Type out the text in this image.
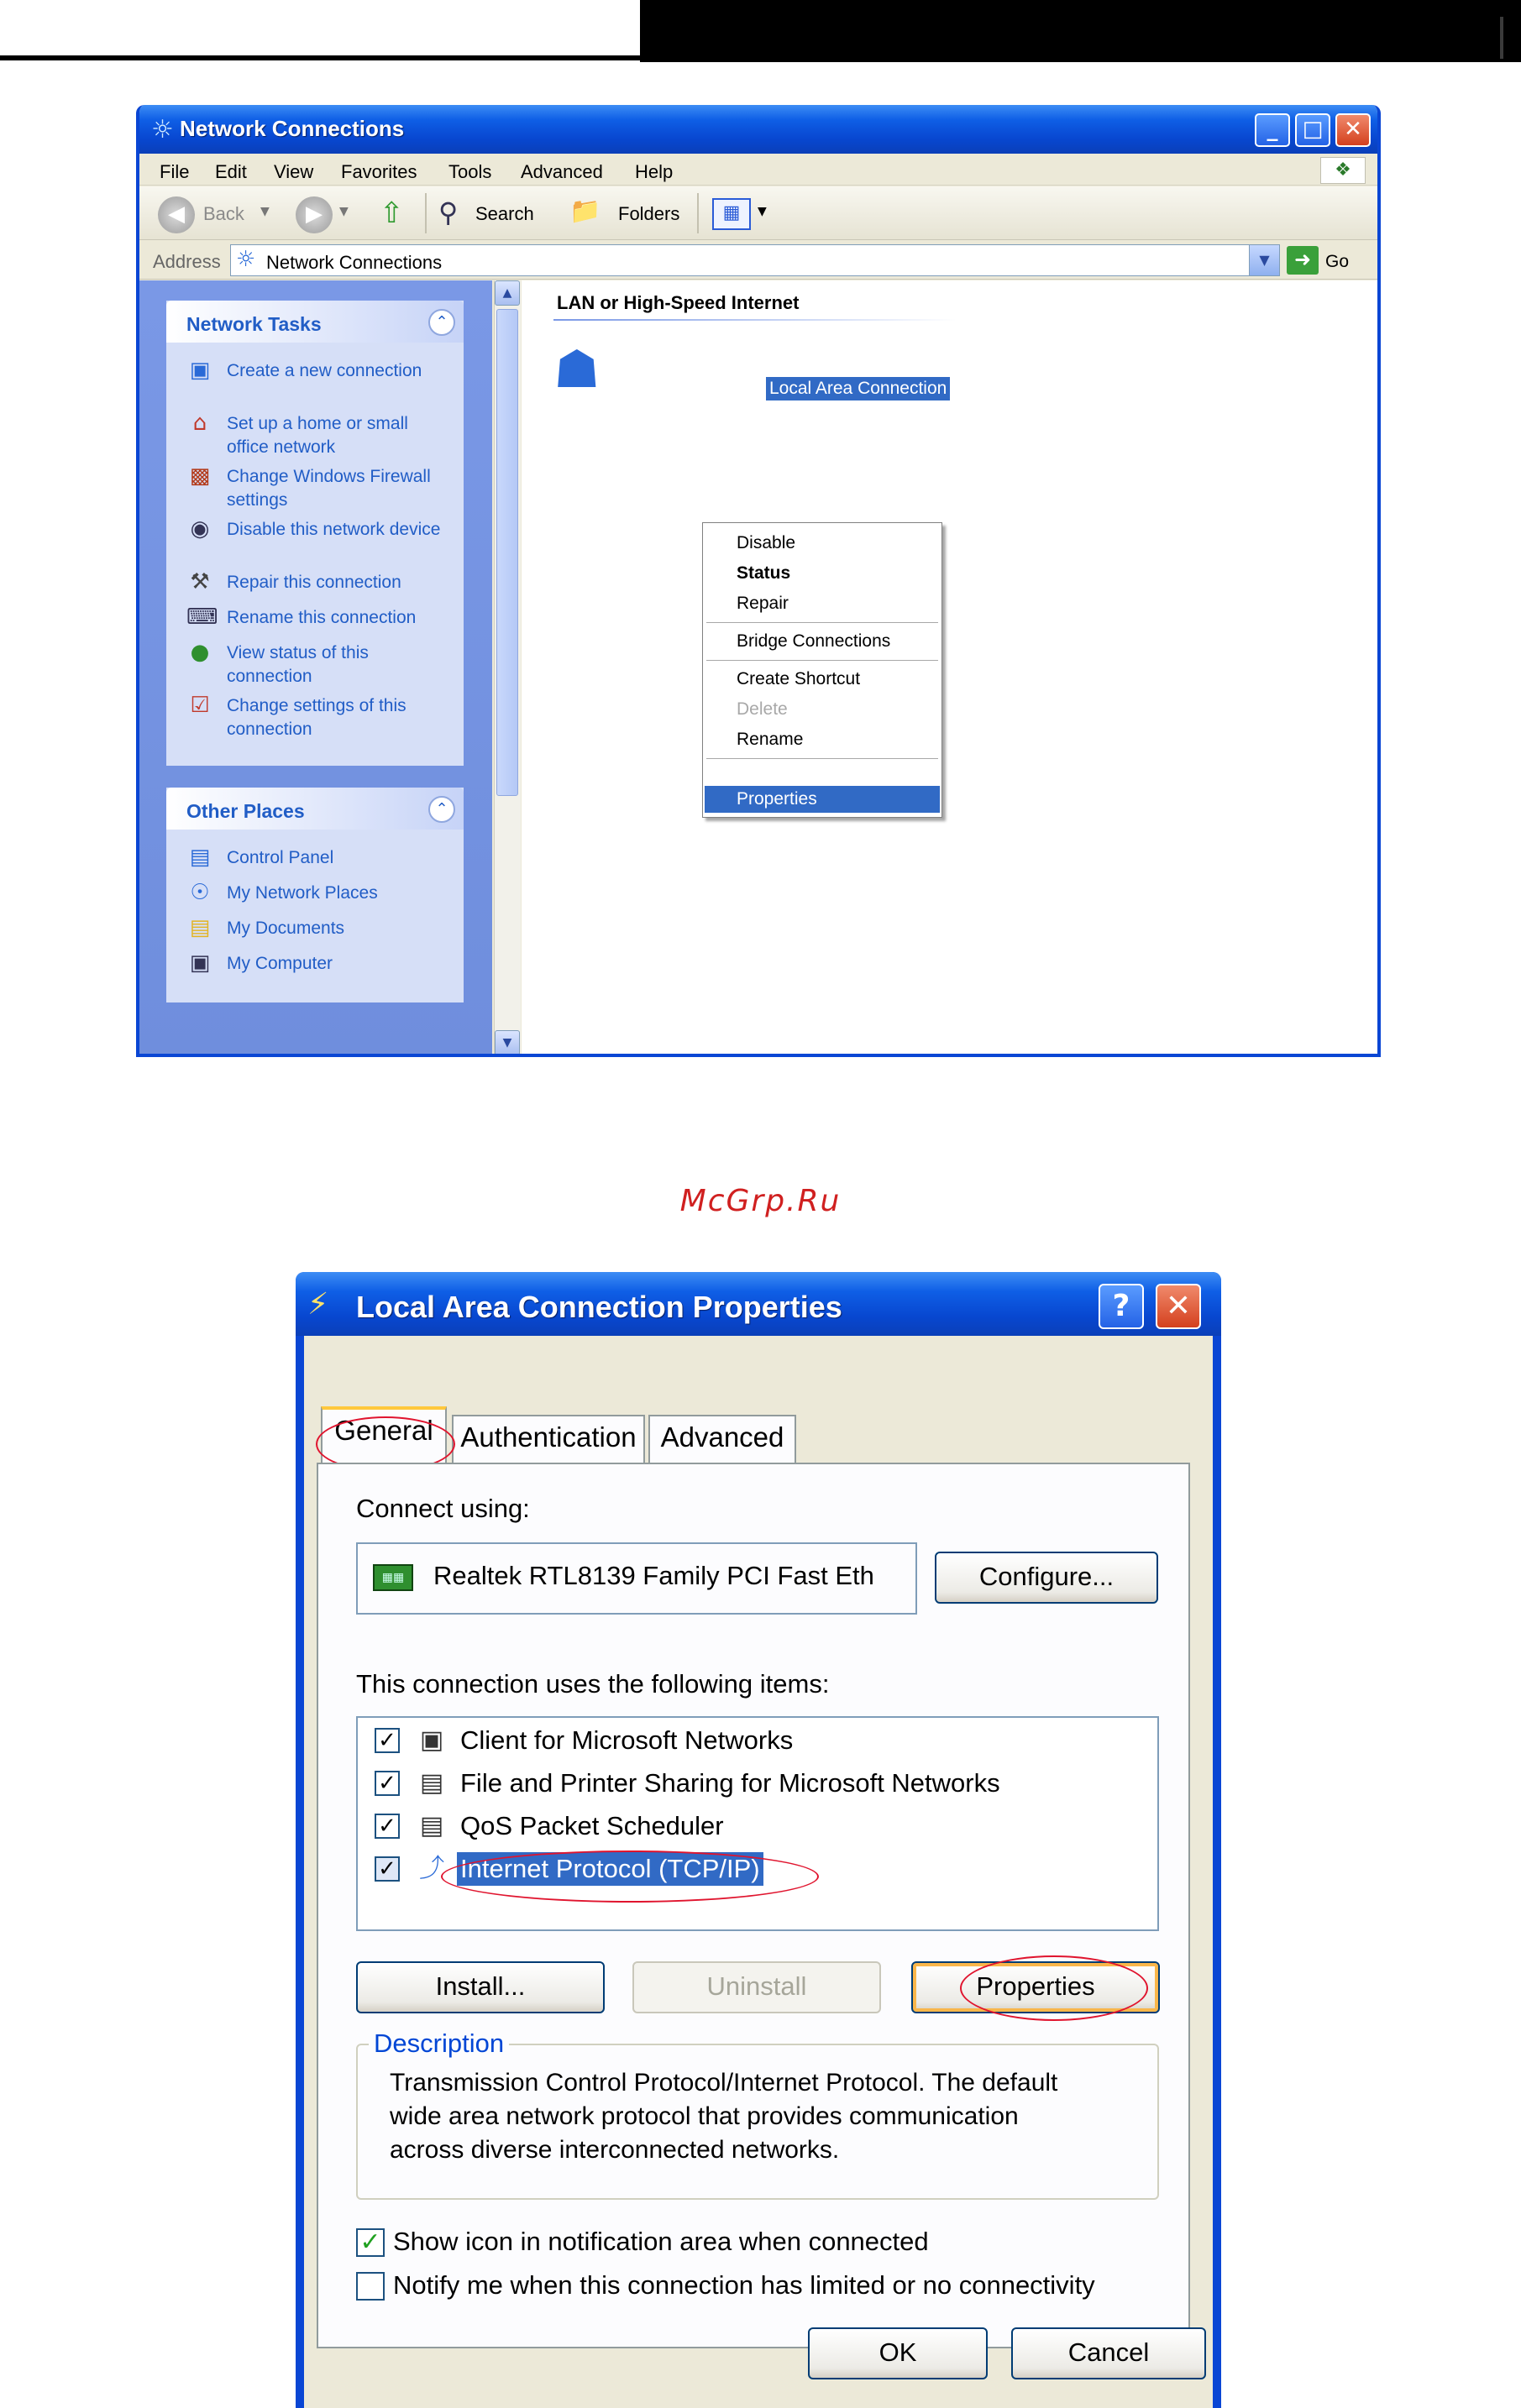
☼ Network Connections	_	□ ✕
File Edit View Favorites Tools Advanced Help	❖
◀	Back ▼	▶	▼ ⇧ ⚲ Search 📁 Folders	▦	▼
Address ☼ Network Connections	▼	➜ Go
Network Tasks	⌃
▣ Create a new connection
⌂	Set up a home or small office network
▩ Change Windows Firewall settings
◉ Disable this network device
⚒ Repair this connection
⌨ Rename this connection
● View status of this connection
☑ Change settings of this connection
Other Places	⌃
▤ Control Panel
☉ My Network Places
▤ My Documents
▣ My Computer
▲
▼
LAN or High-Speed Internet
☗	Local Area Connection
Disable
Status
Repair
Bridge Connections
Create Shortcut
Delete
Rename
Properties
McGrp.Ru
⚡ Local Area Connection Properties	?	✕
General Authentication Advanced
Connect using:
▦▦	Realtek RTL8139 Family PCI Fast Eth	Configure...
This connection uses the following items:
✓ ▣ Client for Microsoft Networks
✓ ▤ File and Printer Sharing for Microsoft Networks
✓ ▤ QoS Packet Scheduler
✓ ⤴ Internet Protocol (TCP/IP)
Install...	Uninstall	Properties
Description
Transmission Control Protocol/Internet Protocol. The default
wide area network protocol that provides communication
across diverse interconnected networks.
✓ Show icon in notification area when connected
Notify me when this connection has limited or no connectivity
OK	Cancel
